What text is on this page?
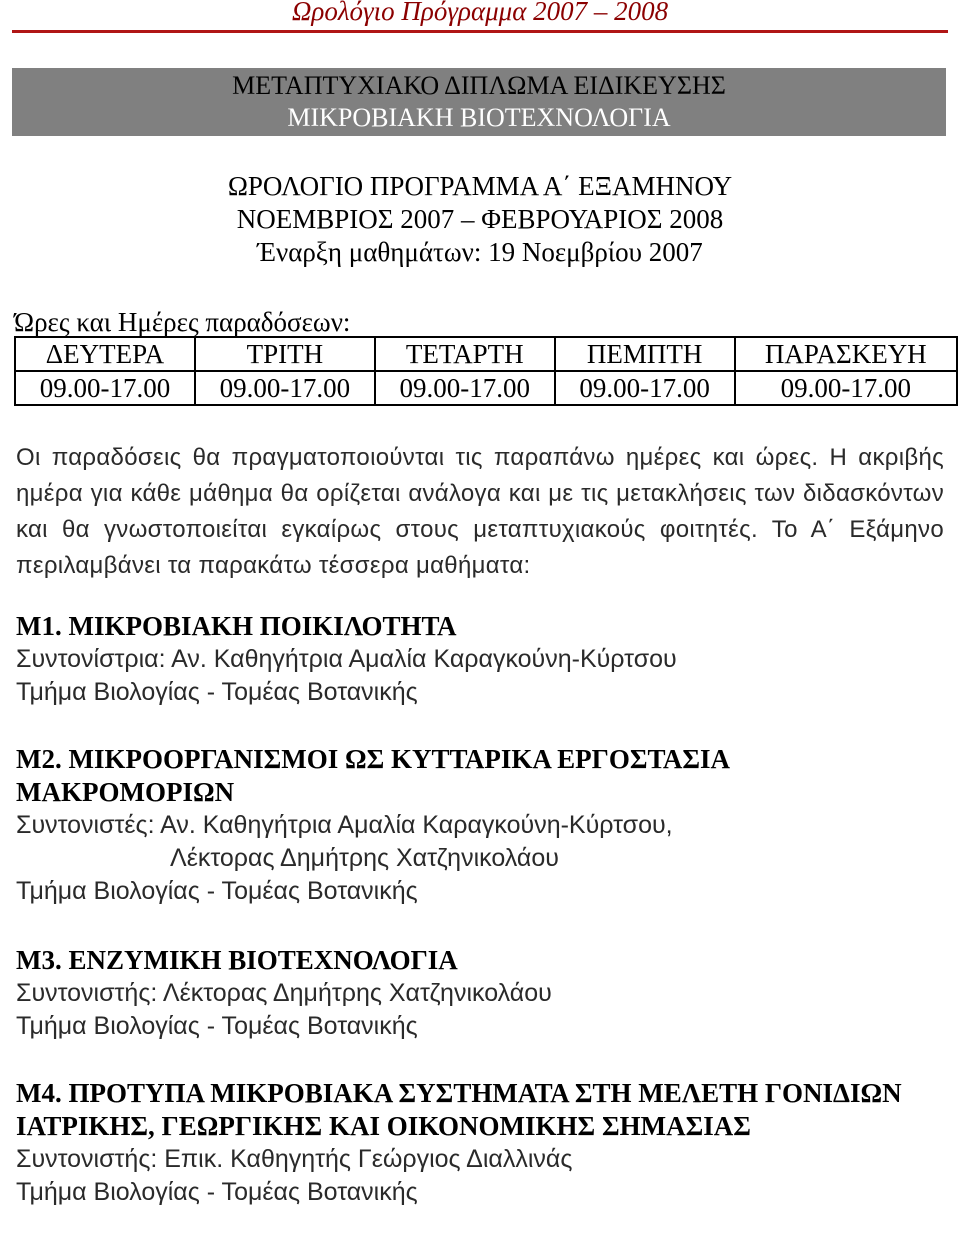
Ωρολόγιο Πρόγραμμα 2007 – 2008
ΜΕΤΑΠΤΥΧΙΑΚΟ ΔΙΠΛΩΜΑ ΕΙΔΙΚΕΥΣΗΣ
ΜΙΚΡΟΒΙΑΚΗ ΒΙΟΤΕΧΝΟΛΟΓΙΑ
ΩΡΟΛΟΓΙΟ ΠΡΟΓΡΑΜΜΑ Α΄ ΕΞΑΜΗΝΟΥ
ΝΟΕΜΒΡΙΟΣ 2007 – ΦΕΒΡΟΥΑΡΙΟΣ 2008
Έναρξη μαθημάτων: 19 Νοεμβρίου 2007
Ώρες και Ημέρες παραδόσεων:
ΔΕΥΤΕΡΑ	ΤΡΙΤΗ	ΤΕΤΑΡΤΗ	ΠΕΜΠΤΗ	ΠΑΡΑΣΚΕΥΗ
09.00-17.00	09.00-17.00	09.00-17.00	09.00-17.00	09.00-17.00
Οι παραδόσεις θα πραγματοποιούνται τις παραπάνω ημέρες και ώρες. Η ακριβής ημέρα για κάθε μάθημα θα ορίζεται ανάλογα και με τις μετακλήσεις των διδασκόντων και θα γνωστοποιείται εγκαίρως στους μεταπτυχιακούς φοιτητές. Το Α΄ Εξάμηνο περιλαμβάνει τα παρακάτω τέσσερα μαθήματα:
Μ1. ΜΙΚΡΟΒΙΑΚΗ ΠΟΙΚΙΛΟΤΗΤΑ
Συντονίστρια: Αν. Καθηγήτρια Αμαλία Καραγκούνη-Κύρτσου
Τμήμα Βιολογίας - Τομέας Βοτανικής
Μ2. ΜΙΚΡΟΟΡΓΑΝΙΣΜΟΙ ΩΣ ΚΥΤΤΑΡΙΚΑ ΕΡΓΟΣΤΑΣΙΑ ΜΑΚΡΟΜΟΡΙΩΝ
Συντονιστές: Αν. Καθηγήτρια Αμαλία Καραγκούνη-Κύρτσου,
Λέκτορας Δημήτρης Χατζηνικολάου
Τμήμα Βιολογίας - Τομέας Βοτανικής
Μ3. ΕΝΖΥΜΙΚΗ ΒΙΟΤΕΧΝΟΛΟΓΙΑ
Συντονιστής: Λέκτορας Δημήτρης Χατζηνικολάου
Τμήμα Βιολογίας - Τομέας Βοτανικής
Μ4. ΠΡΟΤΥΠΑ ΜΙΚΡΟΒΙΑΚΑ ΣΥΣΤΗΜΑΤΑ ΣΤΗ ΜΕΛΕΤΗ ΓΟΝΙΔΙΩΝ ΙΑΤΡΙΚΗΣ, ΓΕΩΡΓΙΚΗΣ ΚΑΙ ΟΙΚΟΝΟΜΙΚΗΣ ΣΗΜΑΣΙΑΣ
Συντονιστής: Επικ. Καθηγητής Γεώργιος Διαλλινάς
Τμήμα Βιολογίας - Τομέας Βοτανικής
